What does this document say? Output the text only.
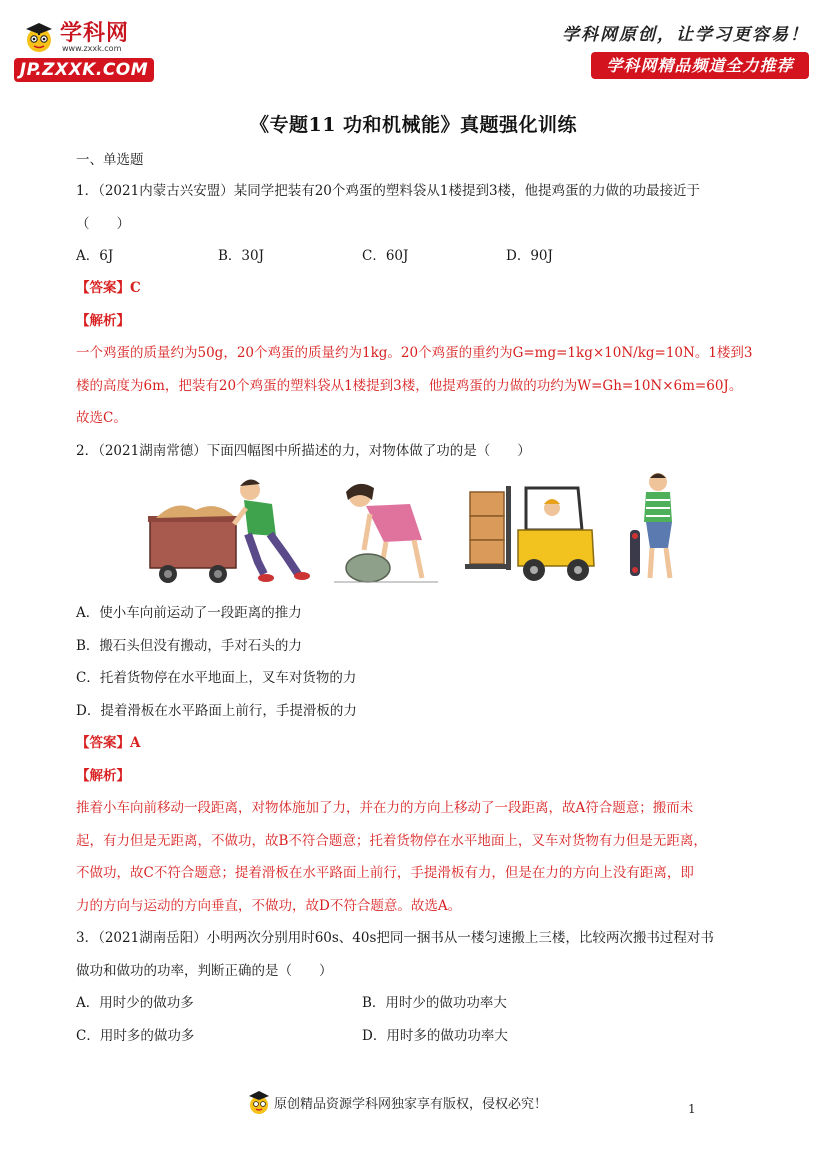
学科网
www.zxxk.com
JP.ZXXK.COM
学科网原创，让学习更容易！
学科网精品频道全力推荐
《专题11 功和机械能》真题强化训练
一、单选题
1．（2021内蒙古兴安盟）某同学把装有20个鸡蛋的塑料袋从1楼提到3楼，他提鸡蛋的力做的功最接近于
（　　）
A．6J	B．30J	C．60J	D．90J
【答案】C
【解析】
一个鸡蛋的质量约为50g，20个鸡蛋的质量约为1kg。20个鸡蛋的重约为G=mg=1kg×10N/kg=10N。1楼到3
楼的高度为6m，把装有20个鸡蛋的塑料袋从1楼提到3楼，他提鸡蛋的力做的功约为W=Gh=10N×6m=60J。
故选C。
2．（2021湖南常德）下面四幅图中所描述的力，对物体做了功的是（　　）
A．使小车向前运动了一段距离的推力
B．搬石头但没有搬动，手对石头的力
C．托着货物停在水平地面上，叉车对货物的力
D．提着滑板在水平路面上前行，手提滑板的力
【答案】A
【解析】
推着小车向前移动一段距离，对物体施加了力，并在力的方向上移动了一段距离，故A符合题意；搬而未
起，有力但是无距离，不做功，故B不符合题意；托着货物停在水平地面上，叉车对货物有力但是无距离，
不做功，故C不符合题意；提着滑板在水平路面上前行，手提滑板有力，但是在力的方向上没有距离，即
力的方向与运动的方向垂直，不做功，故D不符合题意。故选A。
3．（2021湖南岳阳）小明两次分别用时60s、40s把同一捆书从一楼匀速搬上三楼，比较两次搬书过程对书
做功和做功的功率，判断正确的是（　　）
A．用时少的做功多	B．用时少的做功功率大
C．用时多的做功多	D．用时多的做功功率大
原创精品资源学科网独家享有版权，侵权必究！	1
